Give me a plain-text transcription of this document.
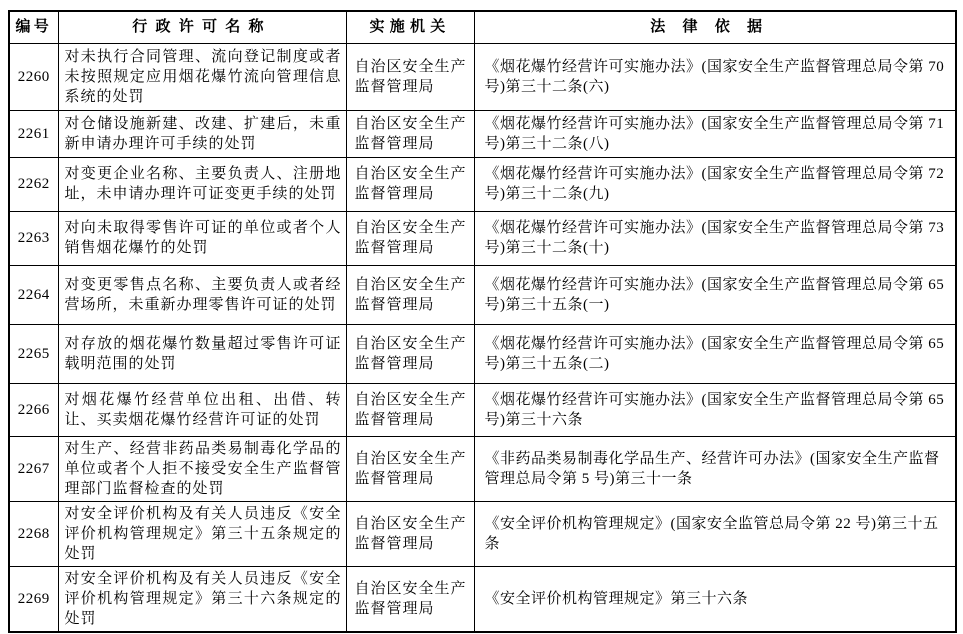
编号	行政许可名称	实施机关	法律依据
2260	对未执行合同管理、流向登记制度或者未按照规定应用烟花爆竹流向管理信息系统的处罚	自治区安全生产监督管理局	《烟花爆竹经营许可实施办法》(国家安全生产监督管理总局令第 70 号)第三十二条(六)
2261	对仓储设施新建、改建、扩建后，未重新申请办理许可手续的处罚	自治区安全生产监督管理局	《烟花爆竹经营许可实施办法》(国家安全生产监督管理总局令第 71 号)第三十二条(八)
2262	对变更企业名称、主要负责人、注册地址，未申请办理许可证变更手续的处罚	自治区安全生产监督管理局	《烟花爆竹经营许可实施办法》(国家安全生产监督管理总局令第 72 号)第三十二条(九)
2263	对向未取得零售许可证的单位或者个人销售烟花爆竹的处罚	自治区安全生产监督管理局	《烟花爆竹经营许可实施办法》(国家安全生产监督管理总局令第 73 号)第三十二条(十)
2264	对变更零售点名称、主要负责人或者经营场所，未重新办理零售许可证的处罚	自治区安全生产监督管理局	《烟花爆竹经营许可实施办法》(国家安全生产监督管理总局令第 65 号)第三十五条(一)
2265	对存放的烟花爆竹数量超过零售许可证载明范围的处罚	自治区安全生产监督管理局	《烟花爆竹经营许可实施办法》(国家安全生产监督管理总局令第 65 号)第三十五条(二)
2266	对烟花爆竹经营单位出租、出借、转让、买卖烟花爆竹经营许可证的处罚	自治区安全生产监督管理局	《烟花爆竹经营许可实施办法》(国家安全生产监督管理总局令第 65 号)第三十六条
2267	对生产、经营非药品类易制毒化学品的单位或者个人拒不接受安全生产监督管理部门监督检查的处罚	自治区安全生产监督管理局	《非药品类易制毒化学品生产、经营许可办法》(国家安全生产监督管理总局令第 5 号)第三十一条
2268	对安全评价机构及有关人员违反《安全评价机构管理规定》第三十五条规定的处罚	自治区安全生产监督管理局	《安全评价机构管理规定》(国家安全监管总局令第 22 号)第三十五条
2269	对安全评价机构及有关人员违反《安全评价机构管理规定》第三十六条规定的处罚	自治区安全生产监督管理局	《安全评价机构管理规定》第三十六条
